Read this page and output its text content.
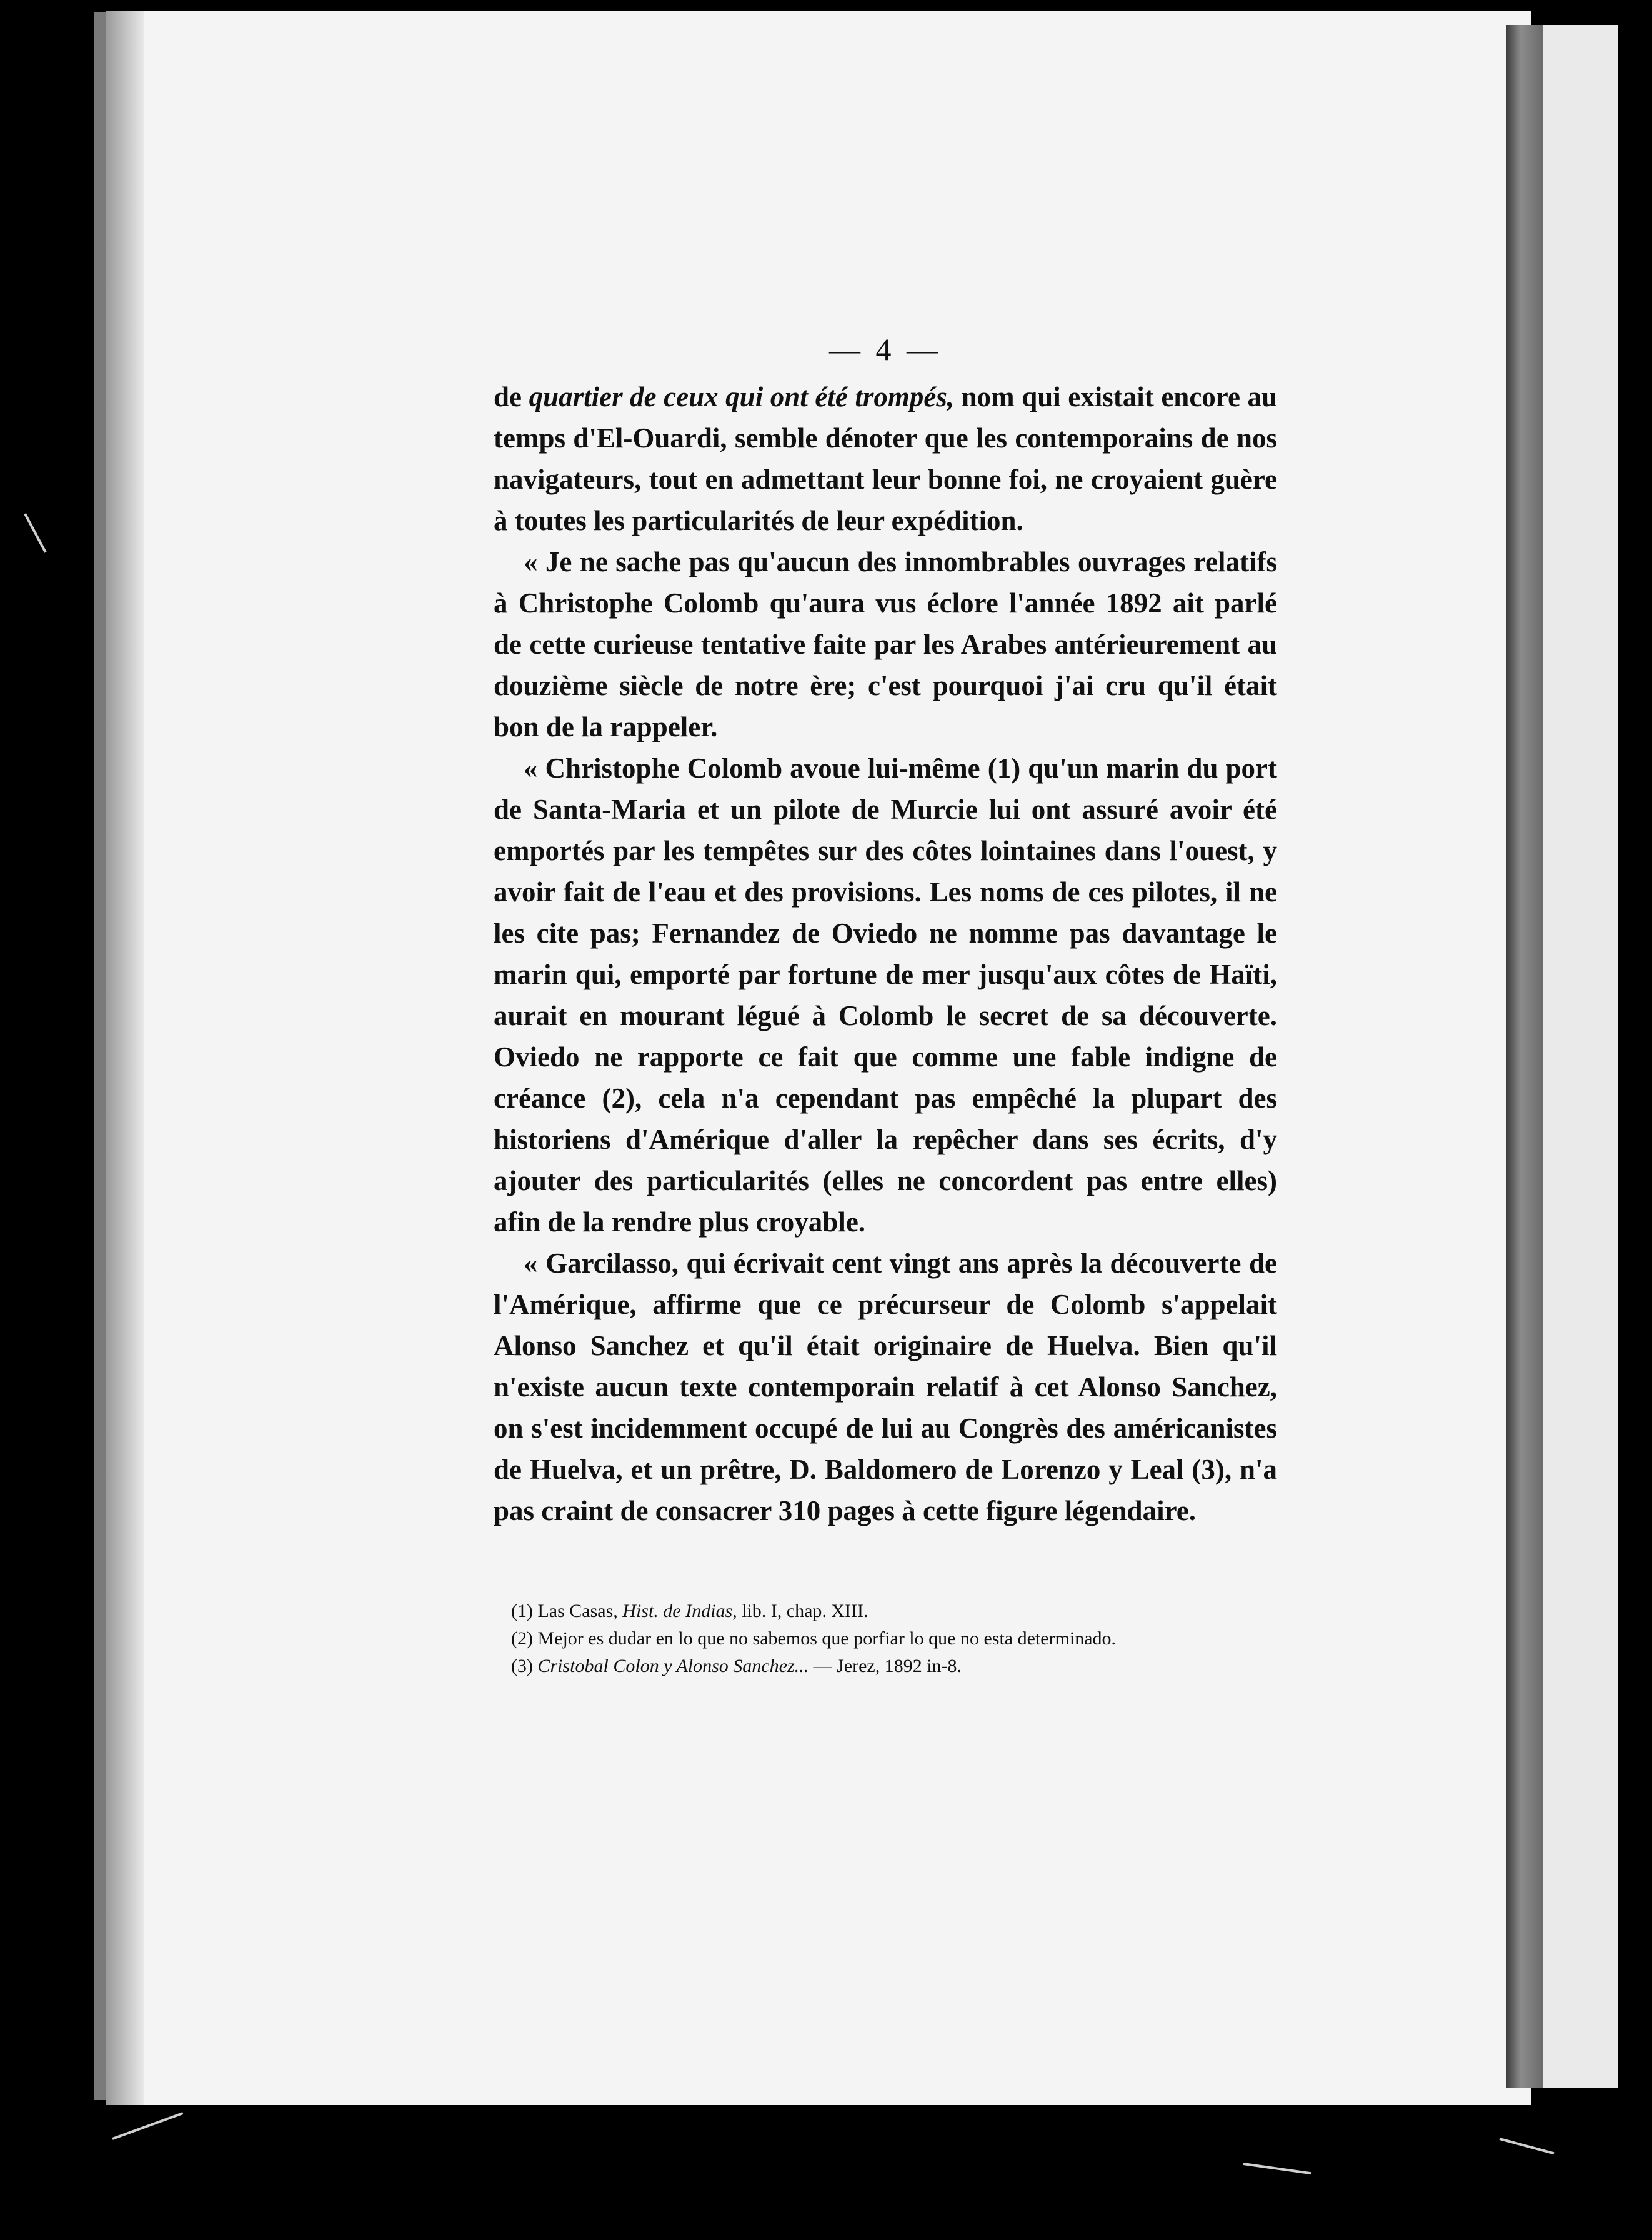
— 4 —

de quartier de ceux qui ont été trompés, nom qui existait encore au temps d'El-Ouardi, semble dénoter que les contemporains de nos navigateurs, tout en admettant leur bonne foi, ne croyaient guère à toutes les particularités de leur expédition.

« Je ne sache pas qu'aucun des innombrables ouvrages relatifs à Christophe Colomb qu'aura vus éclore l'année 1892 ait parlé de cette curieuse tentative faite par les Arabes antérieurement au douzième siècle de notre ère; c'est pourquoi j'ai cru qu'il était bon de la rappeler.

« Christophe Colomb avoue lui-même (1) qu'un marin du port de Santa-Maria et un pilote de Murcie lui ont assuré avoir été emportés par les tempêtes sur des côtes lointaines dans l'ouest, y avoir fait de l'eau et des provisions. Les noms de ces pilotes, il ne les cite pas; Fernandez de Oviedo ne nomme pas davantage le marin qui, emporté par fortune de mer jusqu'aux côtes de Haïti, aurait en mourant légué à Colomb le secret de sa découverte. Oviedo ne rapporte ce fait que comme une fable indigne de créance (2), cela n'a cependant pas empêché la plupart des historiens d'Amérique d'aller la repêcher dans ses écrits, d'y ajouter des particularités (elles ne concordent pas entre elles) afin de la rendre plus croyable.

« Garcilasso, qui écrivait cent vingt ans après la découverte de l'Amérique, affirme que ce précurseur de Colomb s'appelait Alonso Sanchez et qu'il était originaire de Huelva. Bien qu'il n'existe aucun texte contemporain relatif à cet Alonso Sanchez, on s'est incidemment occupé de lui au Congrès des américanistes de Huelva, et un prêtre, D. Baldomero de Lorenzo y Leal (3), n'a pas craint de consacrer 310 pages à cette figure légendaire.

(1) Las Casas, Hist. de Indias, lib. I, chap. XIII.
(2) Mejor es dudar en lo que no sabemos que porfiar lo que no esta determinado.
(3) Cristobal Colon y Alonso Sanchez... — Jerez, 1892 in-8.
